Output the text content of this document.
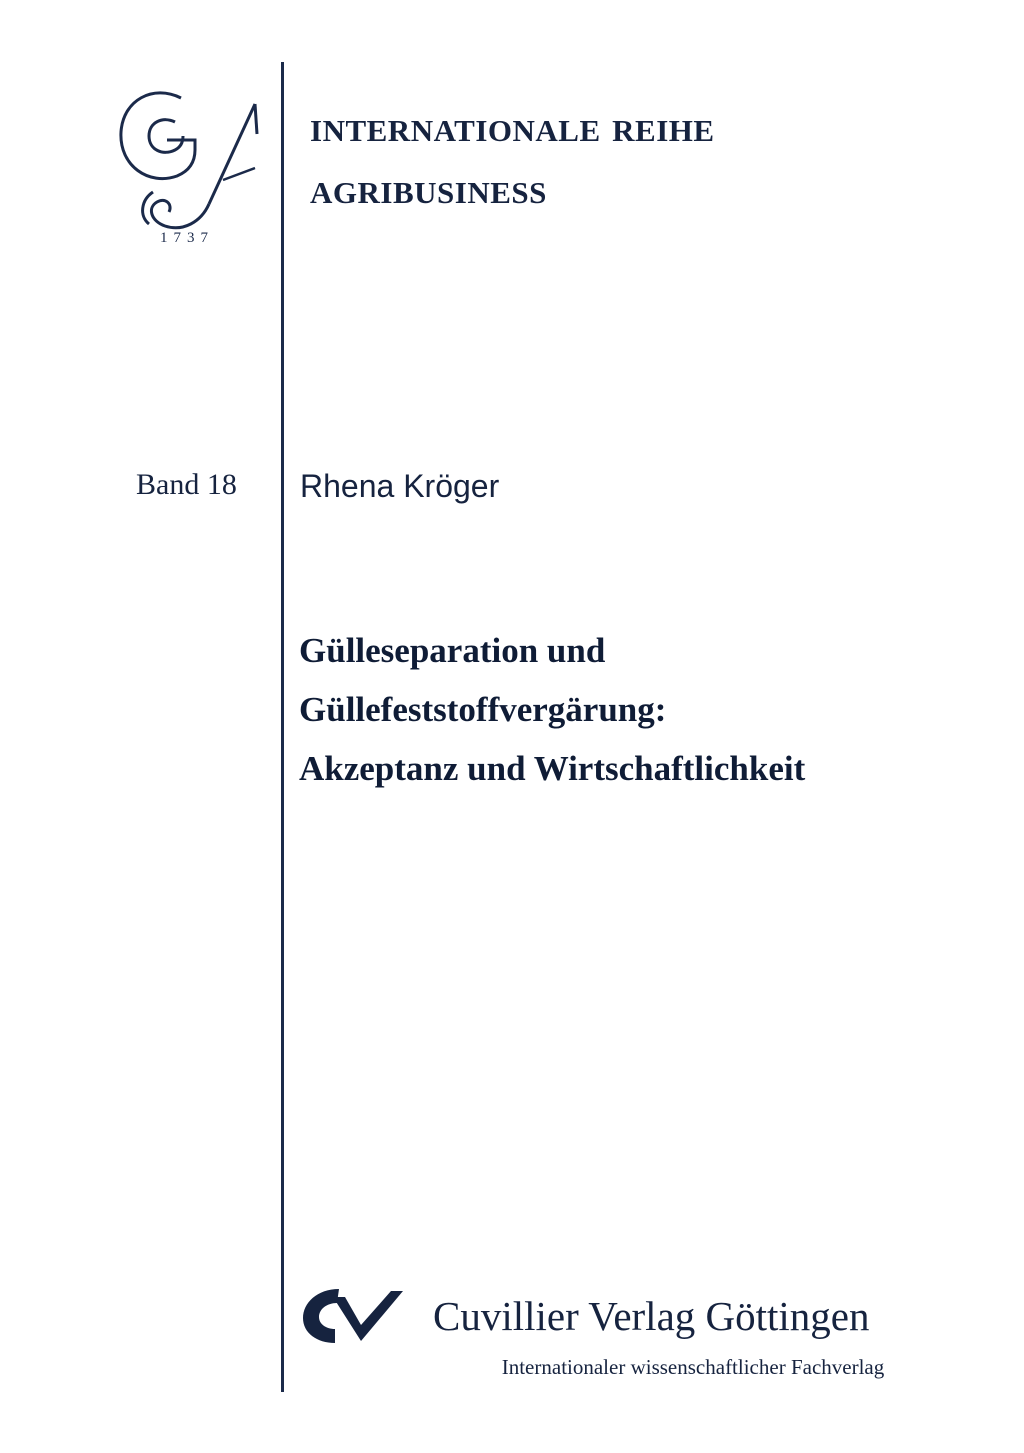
1737
internationale reihe
agribusiness
Band 18 Rhena Kröger
Gülleseparation und
Güllefeststoffvergärung:
Akzeptanz und Wirtschaftlichkeit
Cuvillier Verlag Göttingen
Internationaler wissenschaftlicher Fachverlag
